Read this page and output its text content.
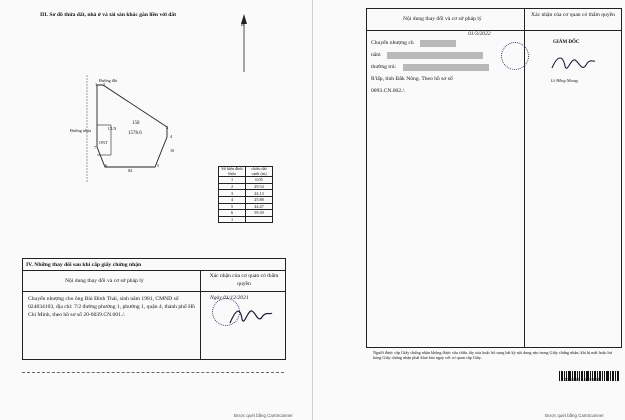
III. Sơ đồ thửa đất, nhà ở và tài sản khác gắn liền với đất
B
Đường đất
Đường nhựa
158
1578.6
CLN
ONT
10
84
1 2
3
4
5
6
7
Số hiệu đỉnh thửa	chiều dài cạnh (m)
1	6.05
2	29.54
3	24.13
4	25.88
5	44.47
6	59.39
1	
IV. Những thay đổi sau khi cấp giấy chứng nhận
Nội dung thay đổi và cơ sở pháp lý
Xác nhận của cơ quan có thẩm quyền
Chuyển nhượng cho ông Bùi Đình Thái, sinh năm 1981, CMND số 024834103, địa chỉ: 7/2 đường phường 1, phường 1, quận 4, thành phố Hồ Chí Minh, theo hồ sơ số 20-0039.CN.001./.
Ngày 01/12/2021
Được quét bằng CamScanner
Nội dung thay đổi và cơ sở pháp lý
Xác nhận của cơ quan có thẩm quyền
Chuyển nhượng ch
năm
thường trú:
R'lấp, tỉnh Đắk Nông. Theo hồ sơ số
0093.CN.002./.
01/3/2022
GIÁM ĐỐC
Lê Hồng Nhung
Người được cấp Giấy chứng nhận không được sửa chữa, tẩy xóa hoặc bổ sung bất kỳ nội dung nào trong Giấy chứng nhận; khi bị mất hoặc hư hỏng Giấy chứng nhận phải khai báo ngay với cơ quan cấp Giấy.
24756250819620
Được quét bằng CamScanner
